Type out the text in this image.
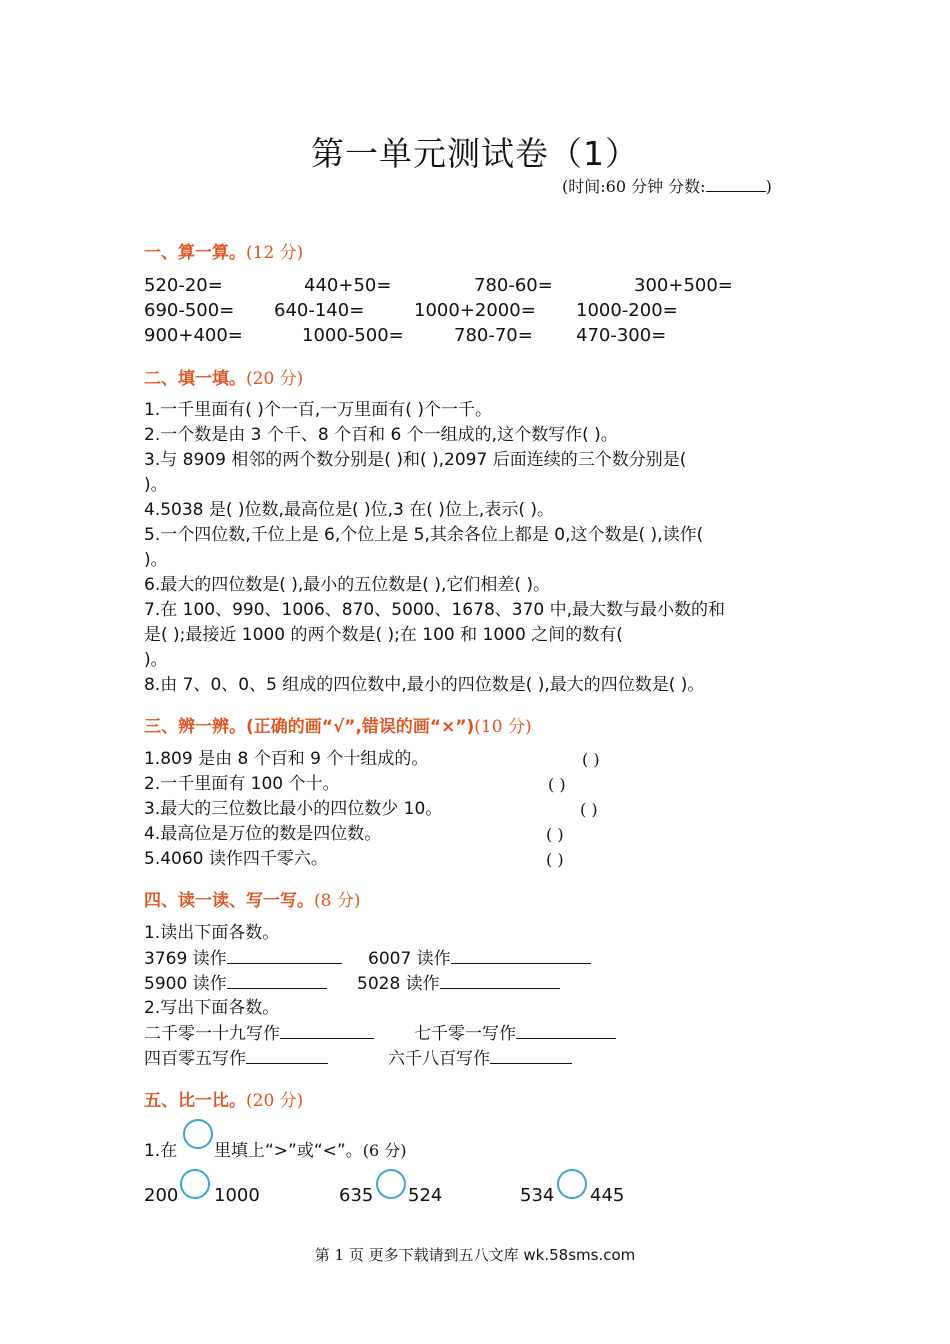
第一单元测试卷（1）
(时间:60 分钟 分数:	)
一、算一算。(12 分)
520-20=	440+50=	780-60=	300+500=
690-500= 640-140=	1000+2000= 1000-200=
900+400=	1000-500=	780-70= 470-300=
二、填一填。(20 分)
1.一千里面有( )个一百,一万里面有( )个一千。
2.一个数是由 3 个千、8 个百和 6 个一组成的,这个数写作( )。
3.与 8909 相邻的两个数分别是( )和( ),2097 后面连续的三个数分别是(
)。
4.5038 是( )位数,最高位是( )位,3 在( )位上,表示( )。
5.一个四位数,千位上是 6,个位上是 5,其余各位上都是 0,这个数是( ),读作(
)。
6.最大的四位数是( ),最小的五位数是( ),它们相差( )。
7.在 100、990、1006、870、5000、1678、370 中,最大数与最小数的和
是( );最接近 1000 的两个数是( );在 100 和 1000 之间的数有(
)。
8.由 7、0、0、5 组成的四位数中,最小的四位数是( ),最大的四位数是( )。
三、辨一辨。(正确的画“√”,错误的画“×”)(10 分)
1.809 是由 8 个百和 9 个十组成的。	( )
2.一千里面有 100 个十。	( )
3.最大的三位数比最小的四位数少 10。	( )
4.最高位是万位的数是四位数。	( )
5.4060 读作四千零六。	( )
四、读一读、写一写。(8 分)
1.读出下面各数。
3769 读作	6007 读作
5900 读作	5028 读作
2.写出下面各数。
二千零一十九写作	七千零一写作
四百零五写作	六千八百写作
五、比一比。(20 分)
1.在 里填上“>”或“<”。(6 分)
200 1000	635 524	534 445
第 1 页 更多下载请到五八文库 wk.58sms.com
